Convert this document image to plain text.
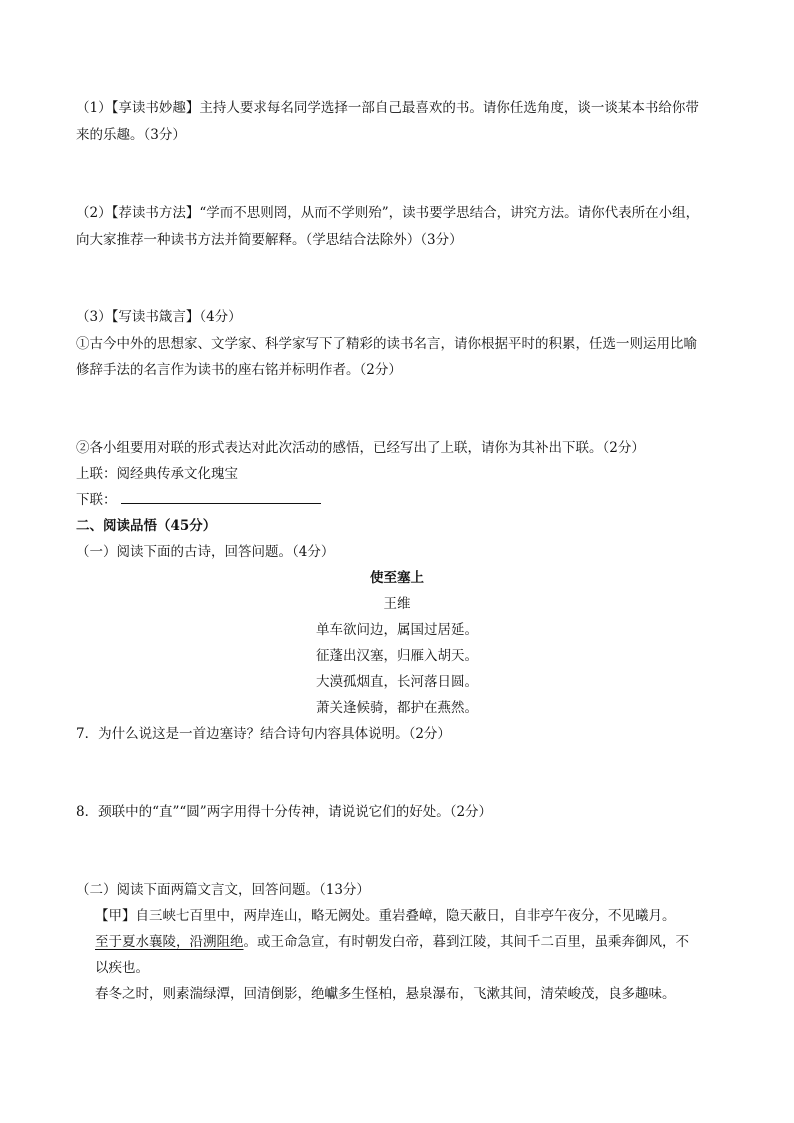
（1）【享读书妙趣】主持人要求每名同学选择一部自己最喜欢的书。请你任选角度，谈一谈某本书给你带
来的乐趣。（3分）
（2）【荐读书方法】“学而不思则罔，从而不学则殆”，读书要学思结合，讲究方法。请你代表所在小组，
向大家推荐一种读书方法并简要解释。（学思结合法除外）（3分）
（3）【写读书箴言】（4分）
①古今中外的思想家、文学家、科学家写下了精彩的读书名言，请你根据平时的积累，任选一则运用比喻
修辞手法的名言作为读书的座右铭并标明作者。（2分）
②各小组要用对联的形式表达对此次活动的感悟，已经写出了上联，请你为其补出下联。（2分）
上联：阅经典传承文化瑰宝
下联：
二、阅读品悟（45分）
（一）阅读下面的古诗，回答问题。（4分）
使至塞上
王维
单车欲问边，属国过居延。
征蓬出汉塞，归雁入胡天。
大漠孤烟直，长河落日圆。
萧关逢候骑，都护在燕然。
7．为什么说这是一首边塞诗？结合诗句内容具体说明。（2分）
8．颈联中的“直”“圆”两字用得十分传神，请说说它们的好处。（2分）
（二）阅读下面两篇文言文，回答问题。（13分）
【甲】自三峡七百里中，两岸连山，略无阙处。重岩叠嶂，隐天蔽日，自非亭午夜分，不见曦月。
至于夏水襄陵，沿溯阻绝。或王命急宣，有时朝发白帝，暮到江陵，其间千二百里，虽乘奔御风，不
以疾也。
春冬之时，则素湍绿潭，回清倒影，绝巘多生怪柏，悬泉瀑布，飞漱其间，清荣峻茂，良多趣味。
